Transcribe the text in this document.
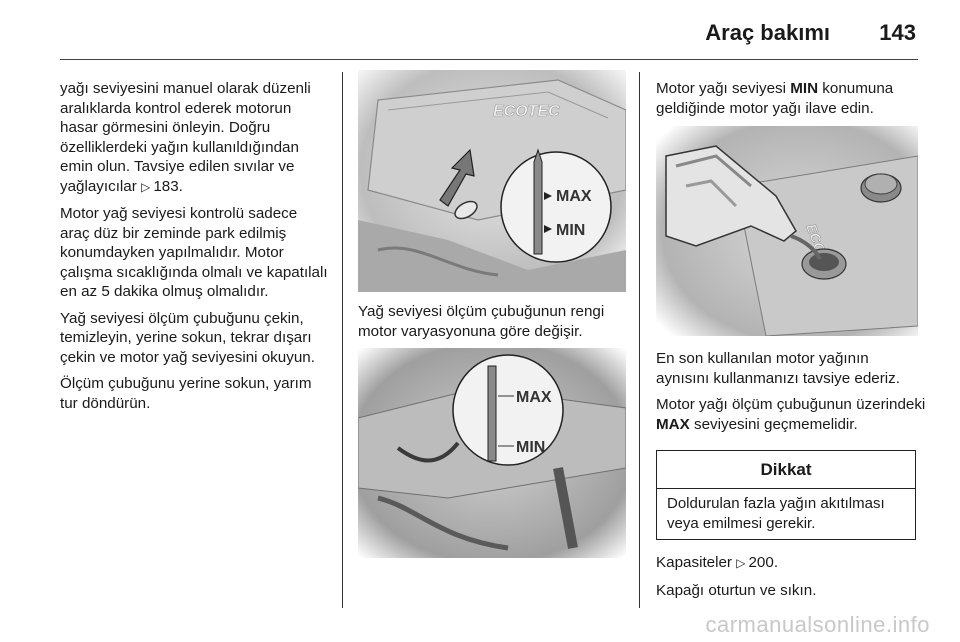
Araç bakımı 143

yağı seviyesini manuel olarak düzenli aralıklarda kontrol ederek motorun hasar görmesini önleyin. Doğru özelliklerdeki yağın kullanıldığından emin olun. Tavsiye edilen sıvılar ve yağlayıcılar ▷  183.

Motor yağ seviyesi kontrolü sadece araç düz bir zeminde park edilmiş konumdayken yapılmalıdır. Motor çalışma sıcaklığında olmalı ve kapatılalı en az 5 dakika olmuş olmalıdır.

Yağ seviyesi ölçüm çubuğunu çekin, temizleyin, yerine sokun, tekrar dışarı çekin ve motor yağ seviyesini okuyun.

Ölçüm çubuğunu yerine sokun, yarım tur döndürün.

ECOTEC
MAX
MIN
Yağ seviyesi ölçüm çubuğunun rengi motor varyasyonuna göre değişir.
MAX
MIN

Motor yağı seviyesi MIN konumuna geldiğinde motor yağı ilave edin.

En son kullanılan motor yağının aynısını kullanmanızı tavsiye ederiz.

Motor yağı ölçüm çubuğunun üzerindeki MAX seviyesini geçmemelidir.

Dikkat
Doldurulan fazla yağın akıtılması veya emilmesi gerekir.

Kapasiteler ▷  200.

Kapağı oturtun ve sıkın.

carmanualsonline.info
